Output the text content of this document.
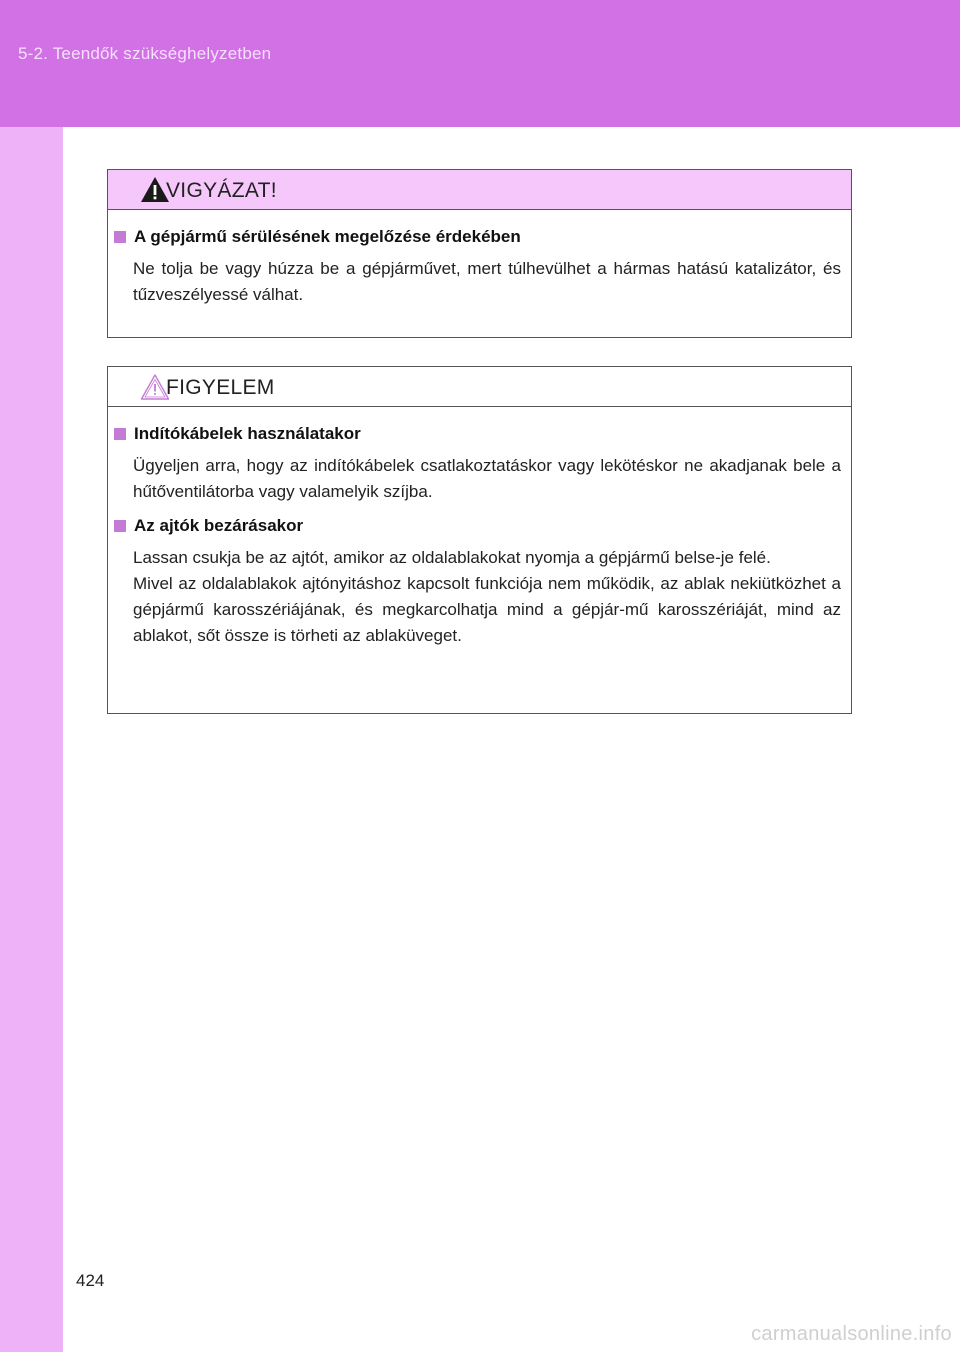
5-2. Teendők szükséghelyzetben
VIGYÁZAT!
A gépjármű sérülésének megelőzése érdekében
Ne tolja be vagy húzza be a gépjárművet, mert túlhevülhet a hármas hatású katalizátor, és tűzveszélyessé válhat.
FIGYELEM
Indítókábelek használatakor
Ügyeljen arra, hogy az indítókábelek csatlakoztatáskor vagy lekötéskor ne akadjanak bele a hűtőventilátorba vagy valamelyik szíjba.
Az ajtók bezárásakor
Lassan csukja be az ajtót, amikor az oldalablakokat nyomja a gépjármű belse-je felé.
Mivel az oldalablakok ajtónyitáshoz kapcsolt funkciója nem működik, az ablak nekiütközhet a gépjármű karosszériájának, és megkarcolhatja mind a gépjár-mű karosszériáját, mind az ablakot, sőt össze is törheti az ablaküveget.
424
carmanualsonline.info
